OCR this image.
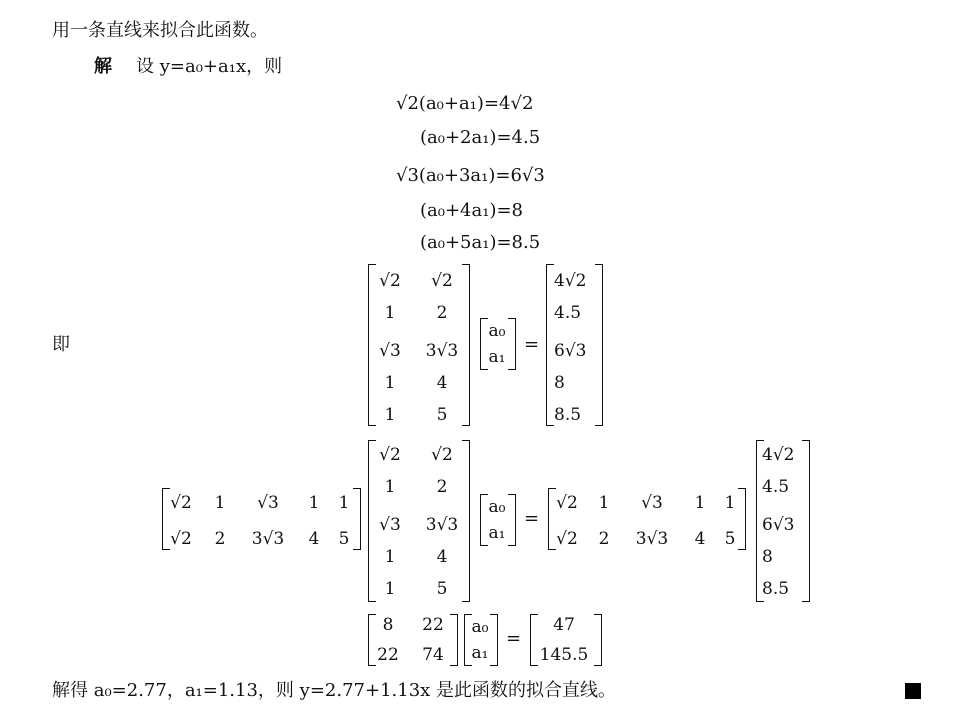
用一条直线来拟合此函数。
解 设 y=a₀+a₁x，则
√2(a₀+a₁)=4√2
(a₀+2a₁)=4.5
√3(a₀+3a₁)=6√3
(a₀+4a₁)=8
(a₀+5a₁)=8.5
即
√2	√2
1	2
√3	3√3
1	4
1	5
a₀
a₁
=
4√2
4.5
6√3
8
8.5
√2	1	√3	1	1
√2	2	3√3	4	5
√2	√2
1	2
√3	3√3
1	4
1	5
a₀
a₁
=
√2	1	√3	1	1
√2	2	3√3	4	5
4√2
4.5
6√3
8
8.5
8	22
22 74
a₀
a₁
=
47
145.5
解得 a₀=2.77，a₁=1.13，则 y=2.77+1.13x 是此函数的拟合直线。
